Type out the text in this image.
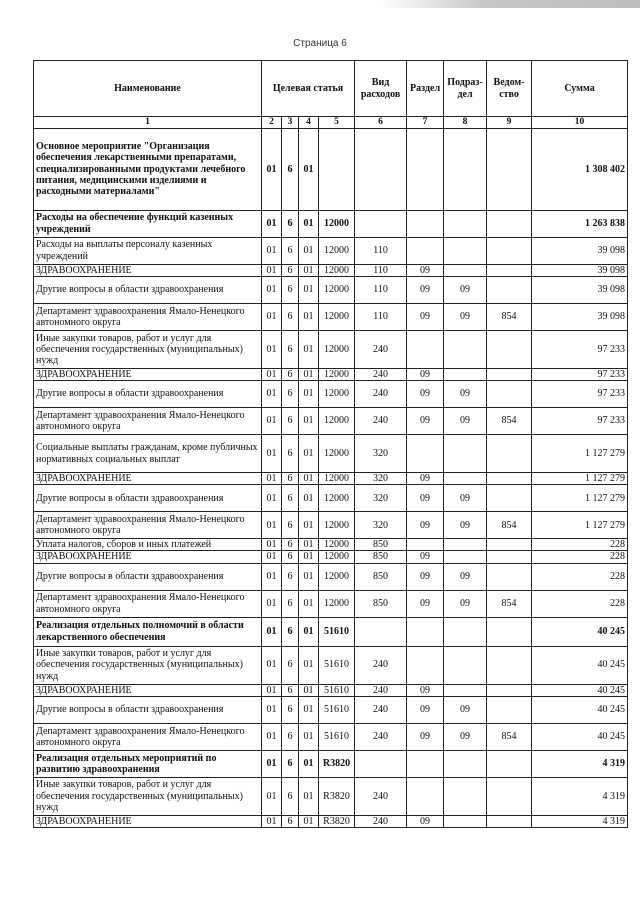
Страница 6
Наименование	Целевая статья				Вид расходов	Раздел	Подраз-дел	Ведом-ство	Сумма
1	2	3	4	5	6	7	8	9	10
Основное мероприятие "Организация обеспечения лекарственными препаратами, специализированными продуктами лечебного питания, медицинскими изделиями и расходными материалами"	01	6	01						1 308 402
Расходы на обеспечение функций казенных учреждений	01	6	01	12000					1 263 838
Расходы на выплаты персоналу казенных учреждений	01	6	01	12000	110				39 098
ЗДРАВООХРАНЕНИЕ	01	6	01	12000	110	09			39 098
Другие вопросы в области здравоохранения	01	6	01	12000	110	09	09		39 098
Департамент здравоохранения Ямало-Ненецкого автономного округа	01	6	01	12000	110	09	09	854	39 098
Иные закупки товаров, работ и услуг для обеспечения государственных (муниципальных) нужд	01	6	01	12000	240				97 233
ЗДРАВООХРАНЕНИЕ	01	6	01	12000	240	09			97 233
Другие вопросы в области здравоохранения	01	6	01	12000	240	09	09		97 233
Департамент здравоохранения Ямало-Ненецкого автономного округа	01	6	01	12000	240	09	09	854	97 233
Социальные выплаты гражданам, кроме публичных нормативных социальных выплат	01	6	01	12000	320				1 127 279
ЗДРАВООХРАНЕНИЕ	01	6	01	12000	320	09			1 127 279
Другие вопросы в области здравоохранения	01	6	01	12000	320	09	09		1 127 279
Департамент здравоохранения Ямало-Ненецкого автономного округа	01	6	01	12000	320	09	09	854	1 127 279
Уплата налогов, сборов и иных платежей	01	6	01	12000	850				228
ЗДРАВООХРАНЕНИЕ	01	6	01	12000	850	09			228
Другие вопросы в области здравоохранения	01	6	01	12000	850	09	09		228
Департамент здравоохранения Ямало-Ненецкого автономного округа	01	6	01	12000	850	09	09	854	228
Реализация отдельных полномочий в области лекарственного обеспечения	01	6	01	51610					40 245
Иные закупки товаров, работ и услуг для обеспечения государственных (муниципальных) нужд	01	6	01	51610	240				40 245
ЗДРАВООХРАНЕНИЕ	01	6	01	51610	240	09			40 245
Другие вопросы в области здравоохранения	01	6	01	51610	240	09	09		40 245
Департамент здравоохранения Ямало-Ненецкого автономного округа	01	6	01	51610	240	09	09	854	40 245
Реализация отдельных мероприятий по развитию здравоохранения	01	6	01	R3820					4 319
Иные закупки товаров, работ и услуг для обеспечения государственных (муниципальных) нужд	01	6	01	R3820	240				4 319
ЗДРАВООХРАНЕНИЕ	01	6	01	R3820	240	09			4 319
